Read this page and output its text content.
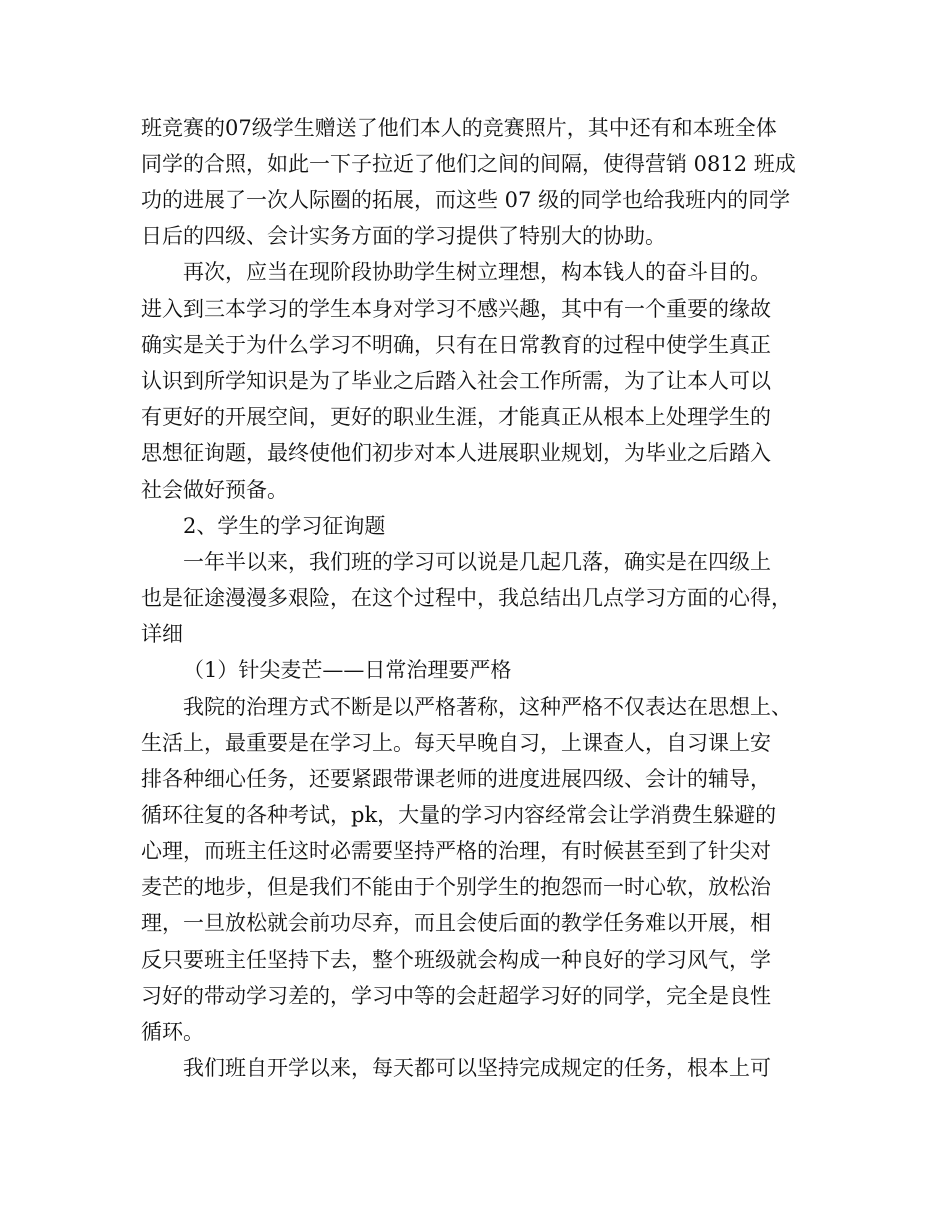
班竞赛的07级学生赠送了他们本人的竞赛照片，其中还有和本班全体
同学的合照，如此一下子拉近了他们之间的间隔，使得营销 0812 班成
功的进展了一次人际圈的拓展，而这些 07 级的同学也给我班内的同学
日后的四级、会计实务方面的学习提供了特别大的协助。
再次，应当在现阶段协助学生树立理想，构本钱人的奋斗目的。
进入到三本学习的学生本身对学习不感兴趣，其中有一个重要的缘故
确实是关于为什么学习不明确，只有在日常教育的过程中使学生真正
认识到所学知识是为了毕业之后踏入社会工作所需，为了让本人可以
有更好的开展空间，更好的职业生涯，才能真正从根本上处理学生的
思想征询题，最终使他们初步对本人进展职业规划，为毕业之后踏入
社会做好预备。
2、学生的学习征询题
一年半以来，我们班的学习可以说是几起几落，确实是在四级上
也是征途漫漫多艰险，在这个过程中，我总结出几点学习方面的心得，
详细
（1）针尖麦芒——日常治理要严格
我院的治理方式不断是以严格著称，这种严格不仅表达在思想上、
生活上，最重要是在学习上。每天早晚自习，上课查人，自习课上安
排各种细心任务，还要紧跟带课老师的进度进展四级、会计的辅导，
循环往复的各种考试，pk，大量的学习内容经常会让学消费生躲避的
心理，而班主任这时必需要坚持严格的治理，有时候甚至到了针尖对
麦芒的地步，但是我们不能由于个别学生的抱怨而一时心软，放松治
理，一旦放松就会前功尽弃，而且会使后面的教学任务难以开展，相
反只要班主任坚持下去，整个班级就会构成一种良好的学习风气，学
习好的带动学习差的，学习中等的会赶超学习好的同学，完全是良性
循环。
我们班自开学以来，每天都可以坚持完成规定的任务，根本上可
